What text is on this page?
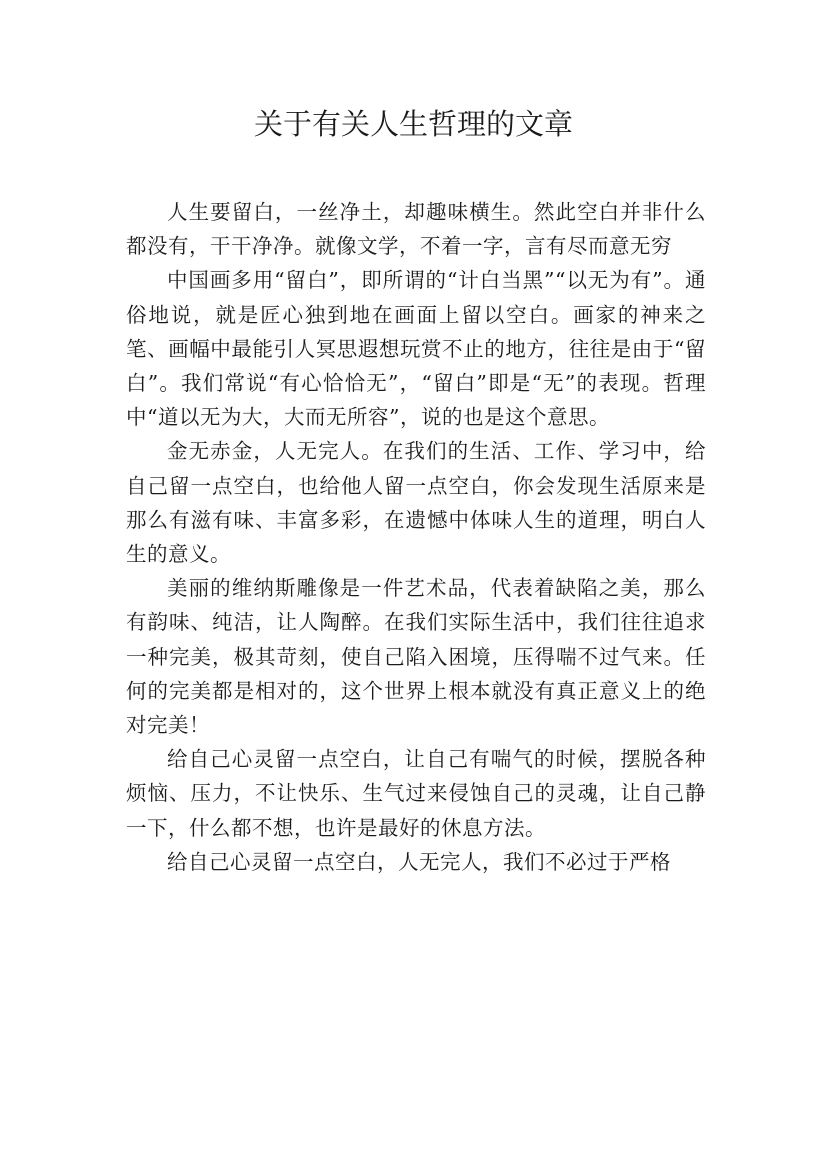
关于有关人生哲理的文章

人生要留白，一丝净土，却趣味横生。然此空白并非什么都没有，干干净净。就像文学，不着一字，言有尽而意无穷

中国画多用“留白”，即所谓的“计白当黑”“以无为有”。通俗地说，就是匠心独到地在画面上留以空白。画家的神来之笔、画幅中最能引人冥思遐想玩赏不止的地方，往往是由于“留白”。我们常说“有心恰恰无”，“留白”即是“无”的表现。哲理中“道以无为大，大而无所容”，说的也是这个意思。

金无赤金，人无完人。在我们的生活、工作、学习中，给自己留一点空白，也给他人留一点空白，你会发现生活原来是那么有滋有味、丰富多彩，在遗憾中体味人生的道理，明白人生的意义。

美丽的维纳斯雕像是一件艺术品，代表着缺陷之美，那么有韵味、纯洁，让人陶醉。在我们实际生活中，我们往往追求一种完美，极其苛刻，使自己陷入困境，压得喘不过气来。任何的完美都是相对的，这个世界上根本就没有真正意义上的绝对完美！

给自己心灵留一点空白，让自己有喘气的时候，摆脱各种烦恼、压力，不让快乐、生气过来侵蚀自己的灵魂，让自己静一下，什么都不想，也许是最好的休息方法。

给自己心灵留一点空白，人无完人，我们不必过于严格
